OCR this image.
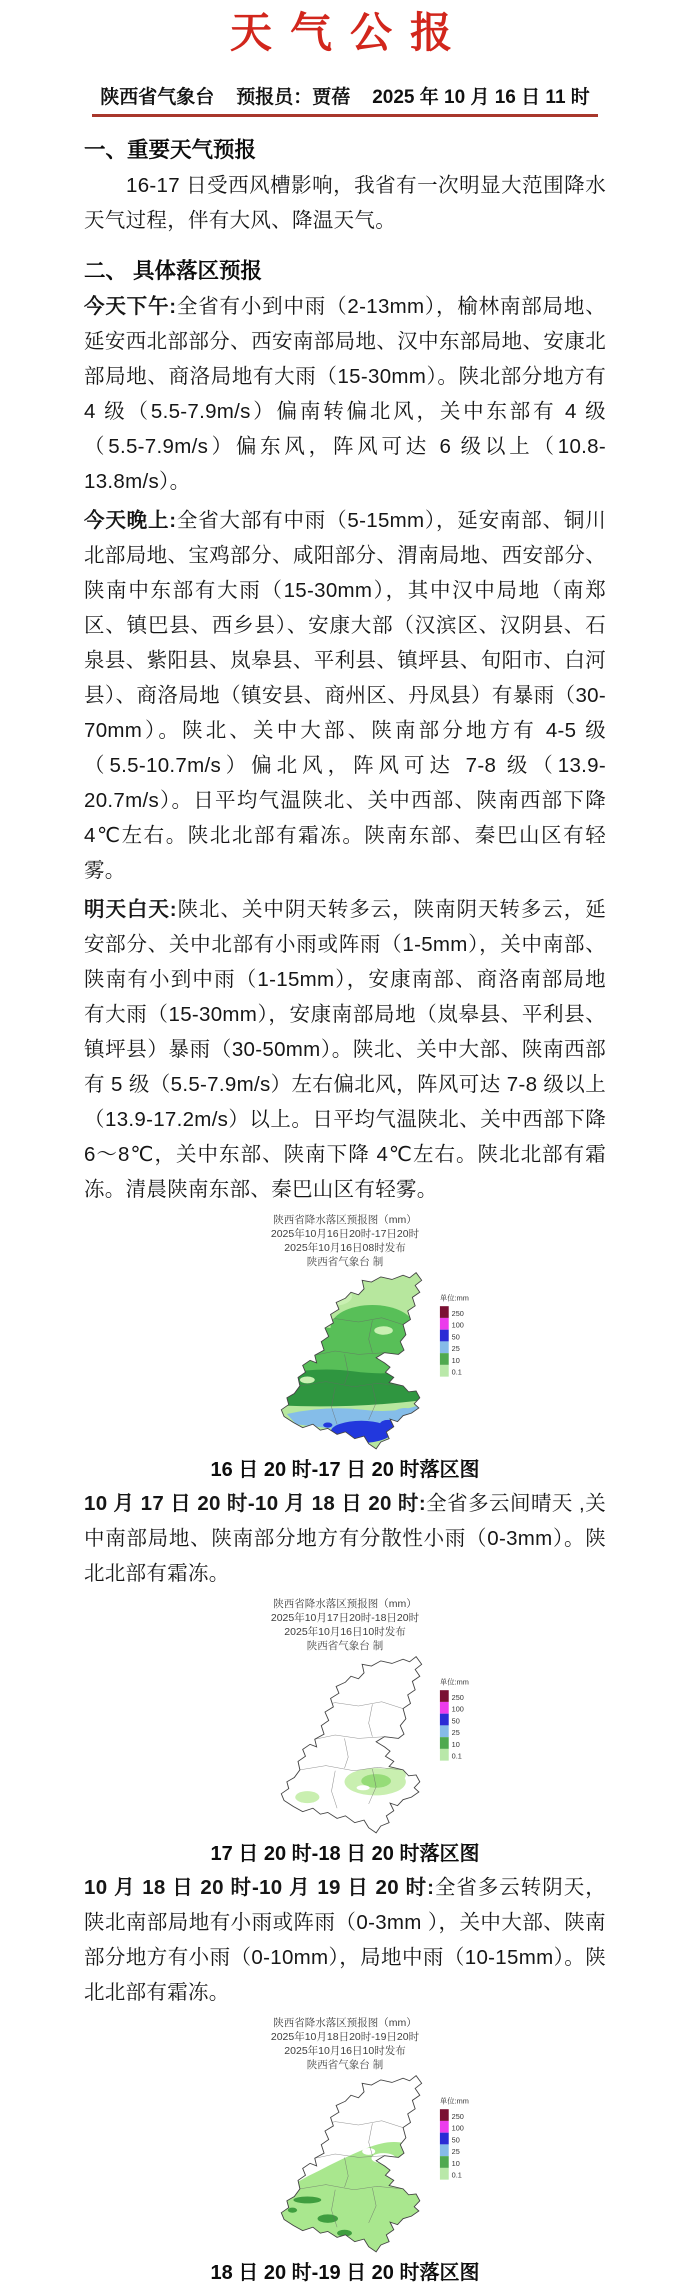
天气公报
陕西省气象台 预报员：贾蓓 2025 年 10 月 16 日 11 时
一、重要天气预报

16-17 日受西风槽影响，我省有一次明显大范围降水天气过程，伴有大风、降温天气。

二、 具体落区预报

今天下午:全省有小到中雨（2-13mm），榆林南部局地、延安西北部部分、西安南部局地、汉中东部局地、安康北部局地、商洛局地有大雨（15-30mm）。陕北部分地方有 4 级（5.5-7.9m/s）偏南转偏北风，关中东部有 4 级（5.5-7.9m/s）偏东风，阵风可达 6 级以上（10.8-13.8m/s）。

今天晚上:全省大部有中雨（5-15mm），延安南部、铜川北部局地、宝鸡部分、咸阳部分、渭南局地、西安部分、陕南中东部有大雨（15-30mm），其中汉中局地（南郑区、镇巴县、西乡县）、安康大部（汉滨区、汉阴县、石泉县、紫阳县、岚皋县、平利县、镇坪县、旬阳市、白河县）、商洛局地（镇安县、商州区、丹凤县）有暴雨（30-70mm）。陕北、关中大部、陕南部分地方有 4-5 级（5.5-10.7m/s）偏北风，阵风可达 7-8 级（13.9-20.7m/s）。日平均气温陕北、关中西部、陕南西部下降 4℃左右。陕北北部有霜冻。陕南东部、秦巴山区有轻雾。

明天白天:陕北、关中阴天转多云，陕南阴天转多云，延安部分、关中北部有小雨或阵雨（1-5mm），关中南部、陕南有小到中雨（1-15mm），安康南部、商洛南部局地有大雨（15-30mm），安康南部局地（岚皋县、平利县、镇坪县）暴雨（30-50mm）。陕北、关中大部、陕南西部有 5 级（5.5-7.9m/s）左右偏北风，阵风可达 7-8 级以上（13.9-17.2m/s）以上。日平均气温陕北、关中西部下降 6～8℃，关中东部、陕南下降 4℃左右。陕北北部有霜冻。清晨陕南东部、秦巴山区有轻雾。

陕西省降水落区预报图（mm）
2025年10月16日20时-17日20时
2025年10月16日08时发布
陕西省气象台 制
单位:mm
250
100
50
25
10
0.1
16 日 20 时-17 日 20 时落区图

10 月 17 日 20 时-10 月 18 日 20 时:全省多云间晴天 ,关中南部局地、陕南部分地方有分散性小雨（0-3mm）。陕北北部有霜冻。

陕西省降水落区预报图（mm）
2025年10月17日20时-18日20时
2025年10月16日10时发布
陕西省气象台 制
单位:mm
250
100
50
25
10
0.1
17 日 20 时-18 日 20 时落区图

10 月 18 日 20 时-10 月 19 日 20 时:全省多云转阴天，陕北南部局地有小雨或阵雨（0-3mm ），关中大部、陕南部分地方有小雨（0-10mm），局地中雨（10-15mm）。陕北北部有霜冻。

陕西省降水落区预报图（mm）
2025年10月18日20时-19日20时
2025年10月16日10时发布
陕西省气象台 制
单位:mm
250
100
50
25
10
0.1
18 日 20 时-19 日 20 时落区图
